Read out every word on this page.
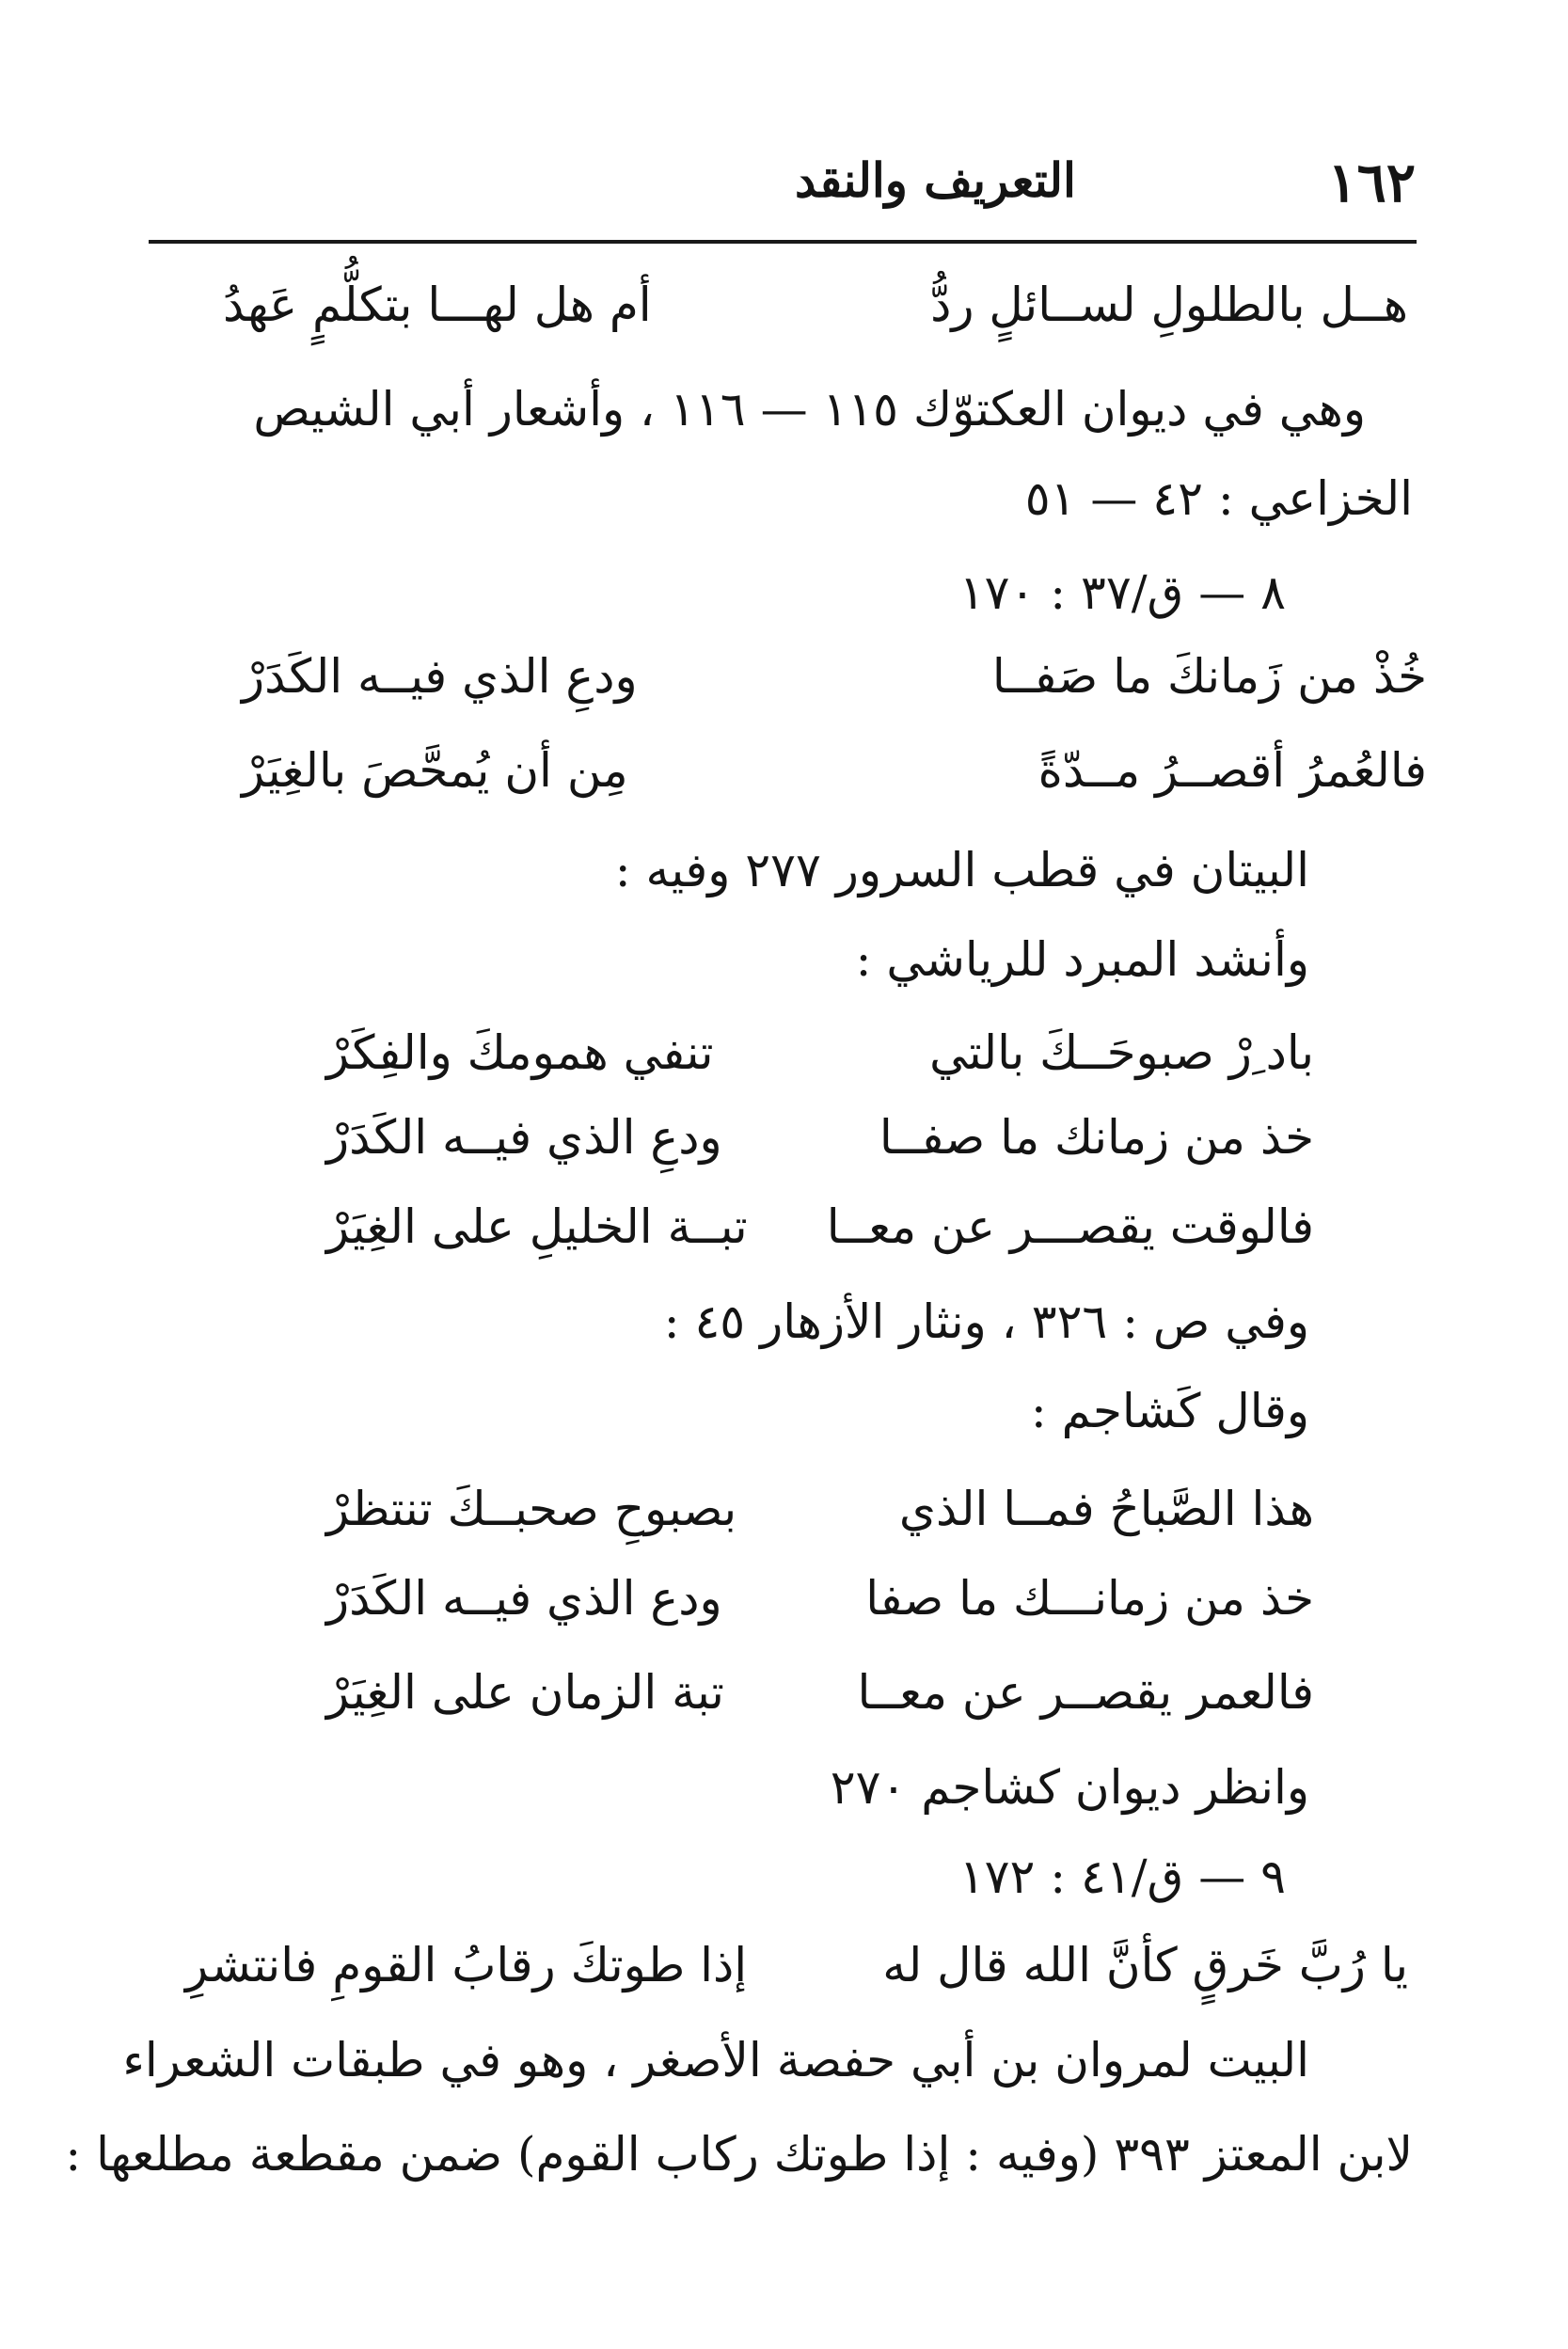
١٦٢
التعريف والنقد
هــل بالطلولِ لســائلٍ ردُّ
أم هل لهـــا بتكلُّمٍ عَهدُ
وهي في ديوان العكتوّك ١١٥ — ١١٦ ، وأشعار أبي الشيص
الخزاعي : ٤٢ — ٥١
٨ — ق/٣٧ : ١٧٠
خُذْ من زَمانكَ ما صَفــا
ودعِ الذي فيــه الكَدَرْ
فالعُمرُ أقصــرُ مــدّةً
مِن أن يُمحَّصَ بالغِيَرْ
البيتان في قطب السرور ٢٧٧ وفيه :
وأنشد المبرد للرياشي :
باد ِرْ صبوحَــكَ بالتي
تنفي همومكَ والفِكَرْ
خذ من زمانك ما صفــا
ودعِ الذي فيــه الكَدَرْ
فالوقت يقصـــر عن معــا
تبــة الخليلِ على الغِيَرْ
وفي ص : ٣٢٦ ، ونثار الأزهار ٤٥ :
وقال كَشاجم :
هذا الصَّباحُ فمــا الذي
بصبوحِ صحبــكَ تنتظرْ
خذ من زمانـــك ما صفا
ودع الذي فيــه الكَدَرْ
فالعمر يقصــر عن معــا
تبة الزمان على الغِيَرْ
وانظر ديوان كشاجم ٢٧٠
٩ — ق/٤١ : ١٧٢
يا رُبَّ خَرقٍ كأنَّ الله قال له
إذا طوتكَ رقابُ القومِ فانتشرِ
البيت لمروان بن أبي حفصة الأصغر ، وهو في طبقات الشعراء
لابن المعتز ٣٩٣ (وفيه : إذا طوتك ركاب القوم) ضمن مقطعة مطلعها :
